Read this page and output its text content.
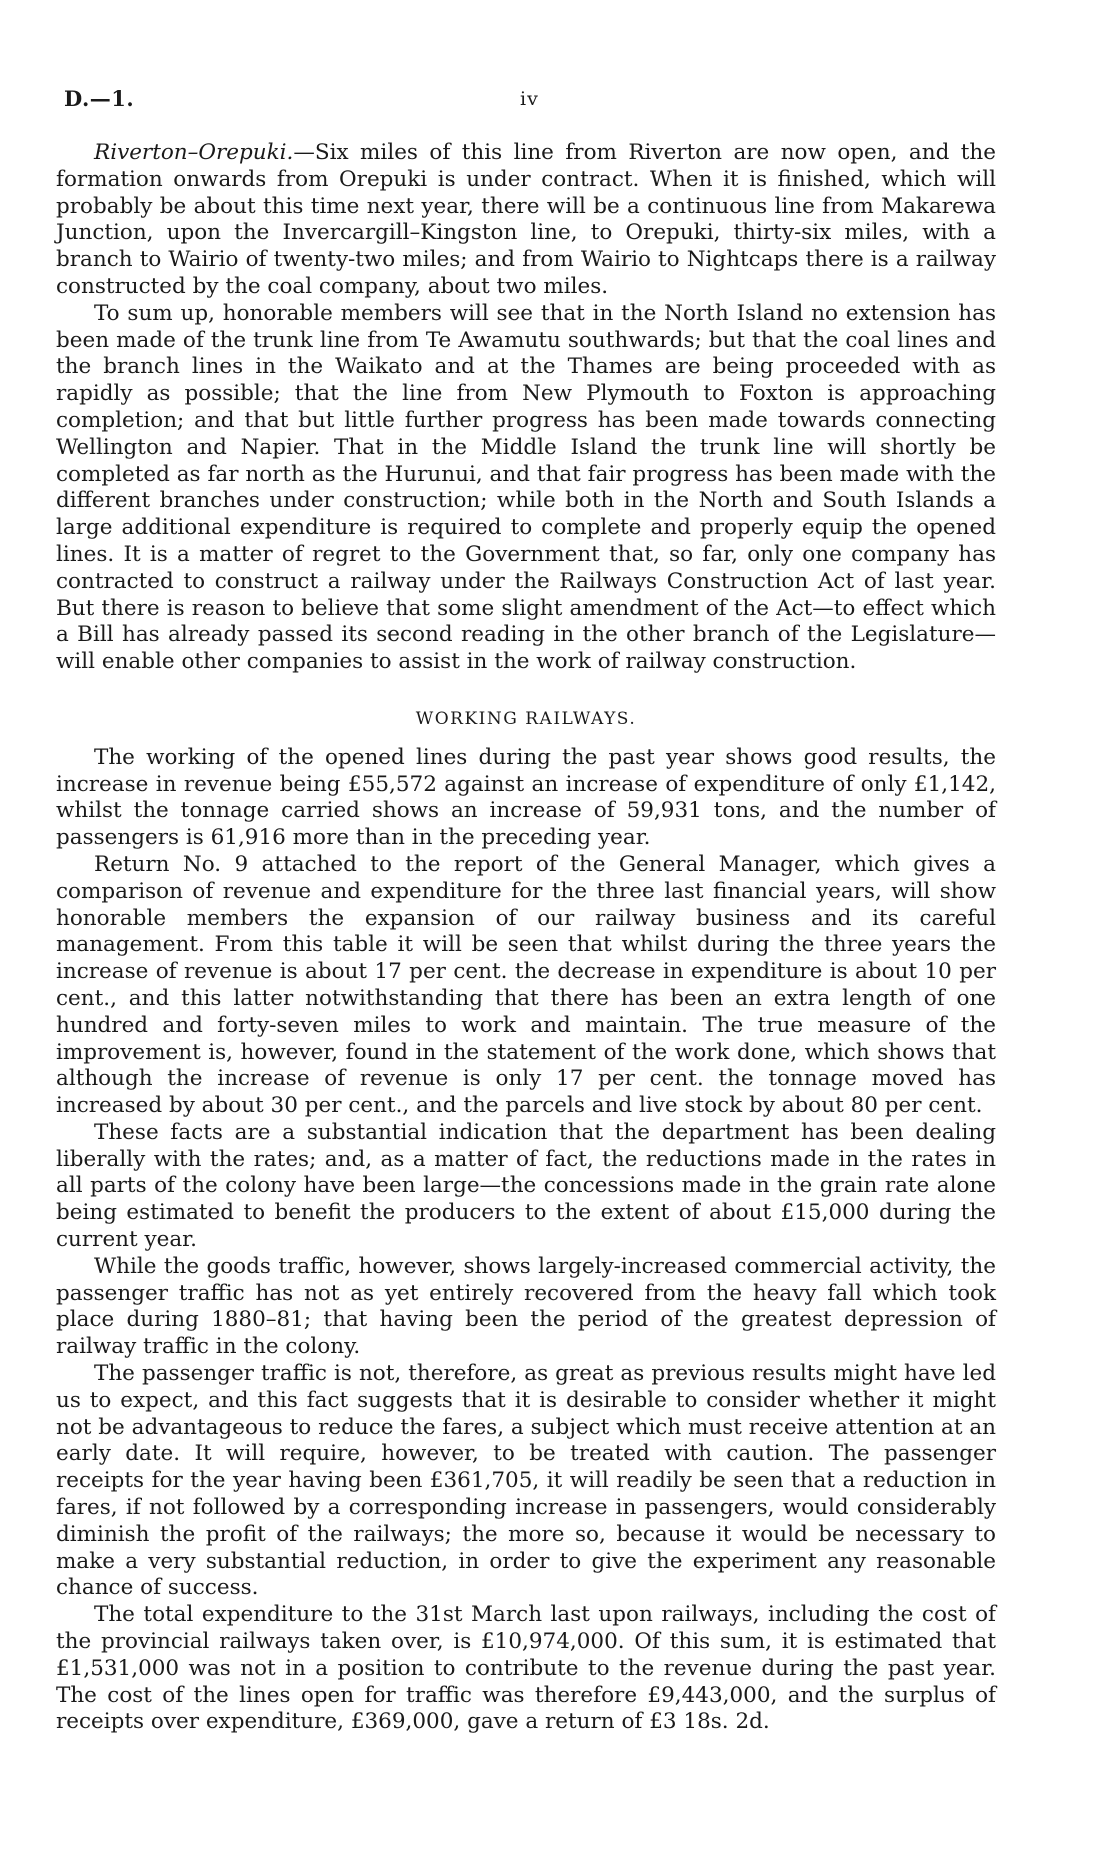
D.—1.	iv

Riverton–Orepuki.—Six miles of this line from Riverton are now open, and the formation onwards from Orepuki is under contract. When it is finished, which will probably be about this time next year, there will be a continuous line from Makarewa Junction, upon the Invercargill–Kingston line, to Orepuki, thirty-six miles, with a branch to Wairio of twenty-two miles; and from Wairio to Nightcaps there is a railway constructed by the coal company, about two miles.

To sum up, honorable members will see that in the North Island no extension has been made of the trunk line from Te Awamutu southwards; but that the coal lines and the branch lines in the Waikato and at the Thames are being proceeded with as rapidly as possible; that the line from New Plymouth to Foxton is approaching completion; and that but little further progress has been made towards connecting Wellington and Napier. That in the Middle Island the trunk line will shortly be completed as far north as the Hurunui, and that fair progress has been made with the different branches under construction; while both in the North and South Islands a large additional expenditure is required to complete and properly equip the opened lines. It is a matter of regret to the Government that, so far, only one company has contracted to construct a railway under the Railways Construction Act of last year. But there is reason to believe that some slight amendment of the Act—to effect which a Bill has already passed its second reading in the other branch of the Legislature—will enable other companies to assist in the work of railway construction.

WORKING RAILWAYS.

The working of the opened lines during the past year shows good results, the increase in revenue being £55,572 against an increase of expenditure of only £1,142, whilst the tonnage carried shows an increase of 59,931 tons, and the number of passengers is 61,916 more than in the preceding year.

Return No. 9 attached to the report of the General Manager, which gives a comparison of revenue and expenditure for the three last financial years, will show honorable members the expansion of our railway business and its careful management. From this table it will be seen that whilst during the three years the increase of revenue is about 17 per cent. the decrease in expenditure is about 10 per cent., and this latter notwithstanding that there has been an extra length of one hundred and forty-seven miles to work and maintain. The true measure of the improvement is, however, found in the statement of the work done, which shows that although the increase of revenue is only 17 per cent. the tonnage moved has increased by about 30 per cent., and the parcels and live stock by about 80 per cent.

These facts are a substantial indication that the department has been dealing liberally with the rates; and, as a matter of fact, the reductions made in the rates in all parts of the colony have been large—the concessions made in the grain rate alone being estimated to benefit the producers to the extent of about £15,000 during the current year.

While the goods traffic, however, shows largely-increased commercial activity, the passenger traffic has not as yet entirely recovered from the heavy fall which took place during 1880–81; that having been the period of the greatest depression of railway traffic in the colony.

The passenger traffic is not, therefore, as great as previous results might have led us to expect, and this fact suggests that it is desirable to consider whether it might not be advantageous to reduce the fares, a subject which must receive attention at an early date. It will require, however, to be treated with caution. The passenger receipts for the year having been £361,705, it will readily be seen that a reduction in fares, if not followed by a corresponding increase in passengers, would considerably diminish the profit of the railways; the more so, because it would be necessary to make a very substantial reduction, in order to give the experiment any reasonable chance of success.

The total expenditure to the 31st March last upon railways, including the cost of the provincial railways taken over, is £10,974,000. Of this sum, it is estimated that £1,531,000 was not in a position to contribute to the revenue during the past year. The cost of the lines open for traffic was therefore £9,443,000, and the surplus of receipts over expenditure, £369,000, gave a return of £3 18s. 2d.
